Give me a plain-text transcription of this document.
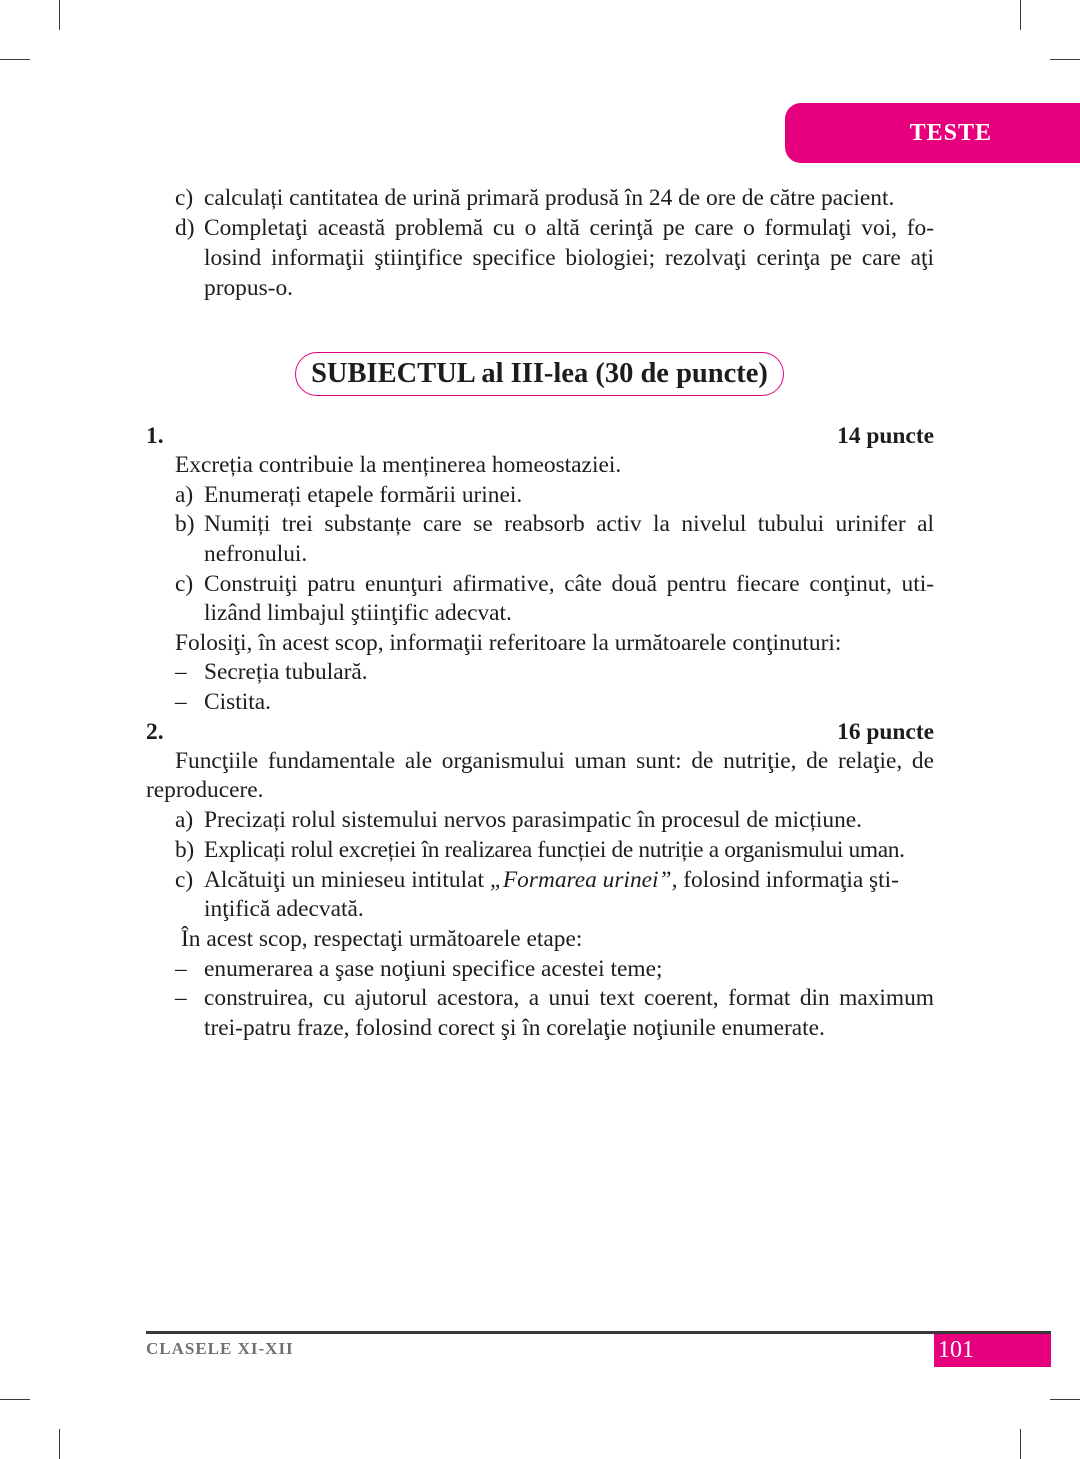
TESTE
c) calculați cantitatea de urină primară produsă în 24 de ore de către pacient.
d) Completaţi această problemă cu o altă cerinţă pe care o formulaţi voi, fo-
losind informaţii ştiinţifice specifice biologiei; rezolvaţi cerinţa pe care aţi
propus-o.
SUBIECTUL al III-lea (30 de puncte)
1.	14 puncte
Excreția contribuie la menținerea homeostaziei.
a) Enumerați etapele formării urinei.
b) Numiți trei substanțe care se reabsorb activ la nivelul tubului urinifer al
nefronului.
c) Construiţi patru enunţuri afirmative, câte două pentru fiecare conţinut, uti-
lizând limbajul ştiinţific adecvat.
Folosiţi, în acest scop, informaţii referitoare la următoarele conţinuturi:
– Secreția tubulară.
– Cistita.
2.	16 puncte
Funcţiile fundamentale ale organismului uman sunt: de nutriţie, de relaţie, de
reproducere.
a) Precizați rolul sistemului nervos parasimpatic în procesul de micțiune.
b) Explicați rolul excreției în realizarea funcției de nutriție a organismului uman.
c) Alcătuiţi un minieseu intitulat „Formarea urinei”, folosind informaţia şti-
inţifică adecvată.
În acest scop, respectaţi următoarele etape:
– enumerarea a şase noţiuni specifice acestei teme;
– construirea, cu ajutorul acestora, a unui text coerent, format din maximum
trei-patru fraze, folosind corect şi în corelaţie noţiunile enumerate.
CLASELE XI-XII	101
